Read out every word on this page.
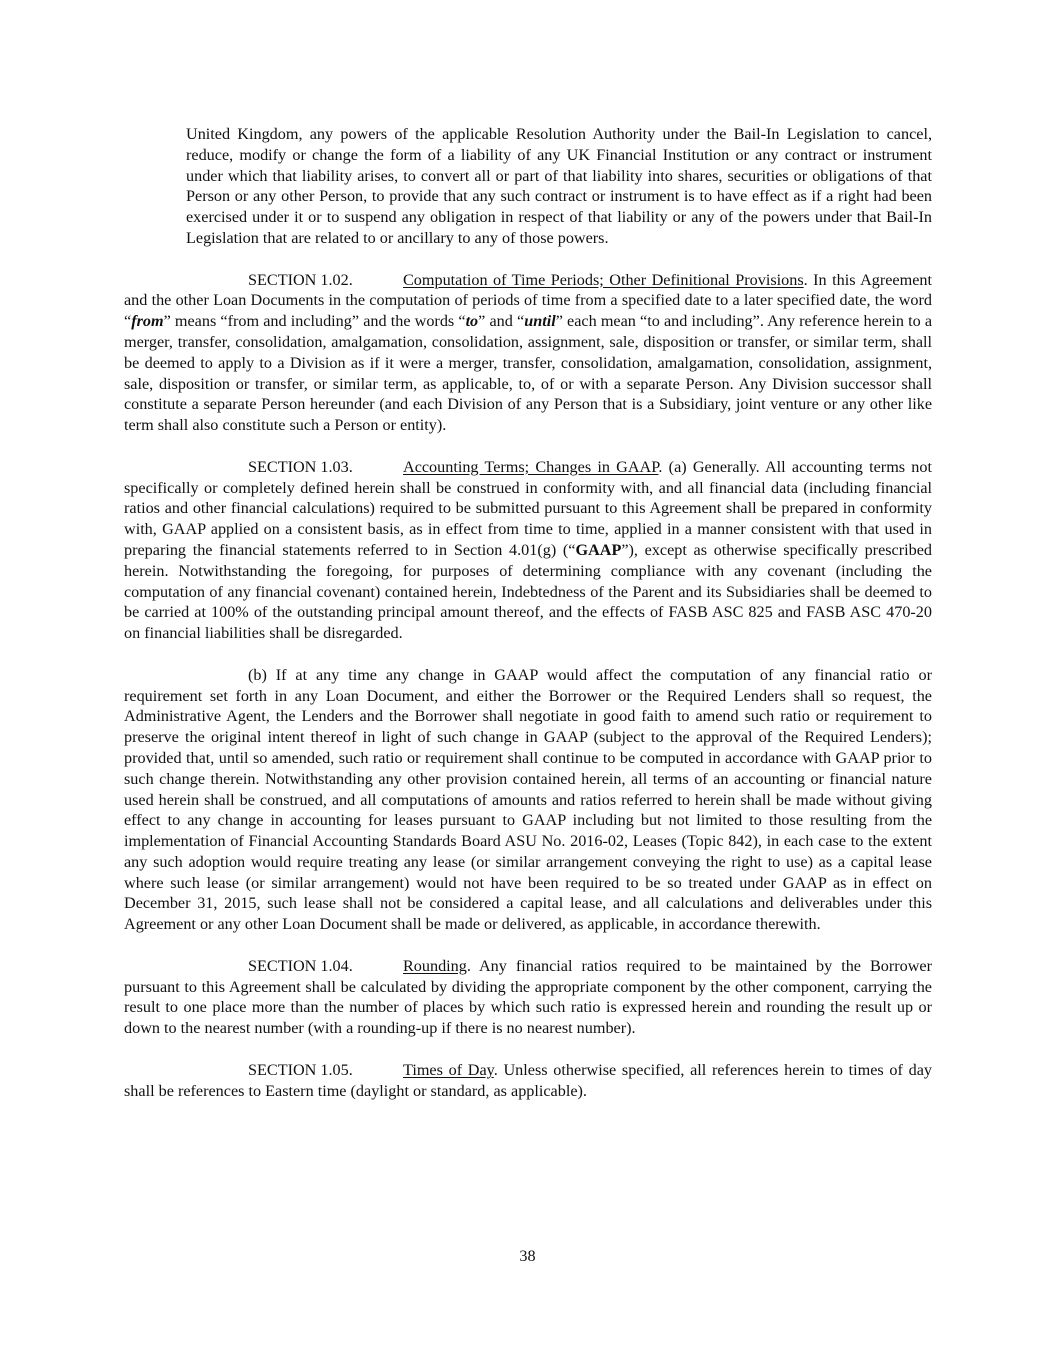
United Kingdom, any powers of the applicable Resolution Authority under the Bail-In Legislation to cancel, reduce, modify or change the form of a liability of any UK Financial Institution or any contract or instrument under which that liability arises, to convert all or part of that liability into shares, securities or obligations of that Person or any other Person, to provide that any such contract or instrument is to have effect as if a right had been exercised under it or to suspend any obligation in respect of that liability or any of the powers under that Bail-In Legislation that are related to or ancillary to any of those powers.

SECTION 1.02.	Computation of Time Periods; Other Definitional Provisions. In this Agreement and the other Loan Documents in the computation of periods of time from a specified date to a later specified date, the word “from” means “from and including” and the words “to” and “until” each mean “to and including”. Any reference herein to a merger, transfer, consolidation, amalgamation, consolidation, assignment, sale, disposition or transfer, or similar term, shall be deemed to apply to a Division as if it were a merger, transfer, consolidation, amalgamation, consolidation, assignment, sale, disposition or transfer, or similar term, as applicable, to, of or with a separate Person. Any Division successor shall constitute a separate Person hereunder (and each Division of any Person that is a Subsidiary, joint venture or any other like term shall also constitute such a Person or entity).

SECTION 1.03.	Accounting Terms; Changes in GAAP. (a) Generally. All accounting terms not specifically or completely defined herein shall be construed in conformity with, and all financial data (including financial ratios and other financial calculations) required to be submitted pursuant to this Agreement shall be prepared in conformity with, GAAP applied on a consistent basis, as in effect from time to time, applied in a manner consistent with that used in preparing the financial statements referred to in Section 4.01(g) (“GAAP”), except as otherwise specifically prescribed herein. Notwithstanding the foregoing, for purposes of determining compliance with any covenant (including the computation of any financial covenant) contained herein, Indebtedness of the Parent and its Subsidiaries shall be deemed to be carried at 100% of the outstanding principal amount thereof, and the effects of FASB ASC 825 and FASB ASC 470-20 on financial liabilities shall be disregarded.

(b) If at any time any change in GAAP would affect the computation of any financial ratio or requirement set forth in any Loan Document, and either the Borrower or the Required Lenders shall so request, the Administrative Agent, the Lenders and the Borrower shall negotiate in good faith to amend such ratio or requirement to preserve the original intent thereof in light of such change in GAAP (subject to the approval of the Required Lenders); provided that, until so amended, such ratio or requirement shall continue to be computed in accordance with GAAP prior to such change therein. Notwithstanding any other provision contained herein, all terms of an accounting or financial nature used herein shall be construed, and all computations of amounts and ratios referred to herein shall be made without giving effect to any change in accounting for leases pursuant to GAAP including but not limited to those resulting from the implementation of Financial Accounting Standards Board ASU No. 2016-02, Leases (Topic 842), in each case to the extent any such adoption would require treating any lease (or similar arrangement conveying the right to use) as a capital lease where such lease (or similar arrangement) would not have been required to be so treated under GAAP as in effect on December 31, 2015, such lease shall not be considered a capital lease, and all calculations and deliverables under this Agreement or any other Loan Document shall be made or delivered, as applicable, in accordance therewith.

SECTION 1.04.	Rounding. Any financial ratios required to be maintained by the Borrower pursuant to this Agreement shall be calculated by dividing the appropriate component by the other component, carrying the result to one place more than the number of places by which such ratio is expressed herein and rounding the result up or down to the nearest number (with a rounding-up if there is no nearest number).

SECTION 1.05.	Times of Day. Unless otherwise specified, all references herein to times of day shall be references to Eastern time (daylight or standard, as applicable).

38
